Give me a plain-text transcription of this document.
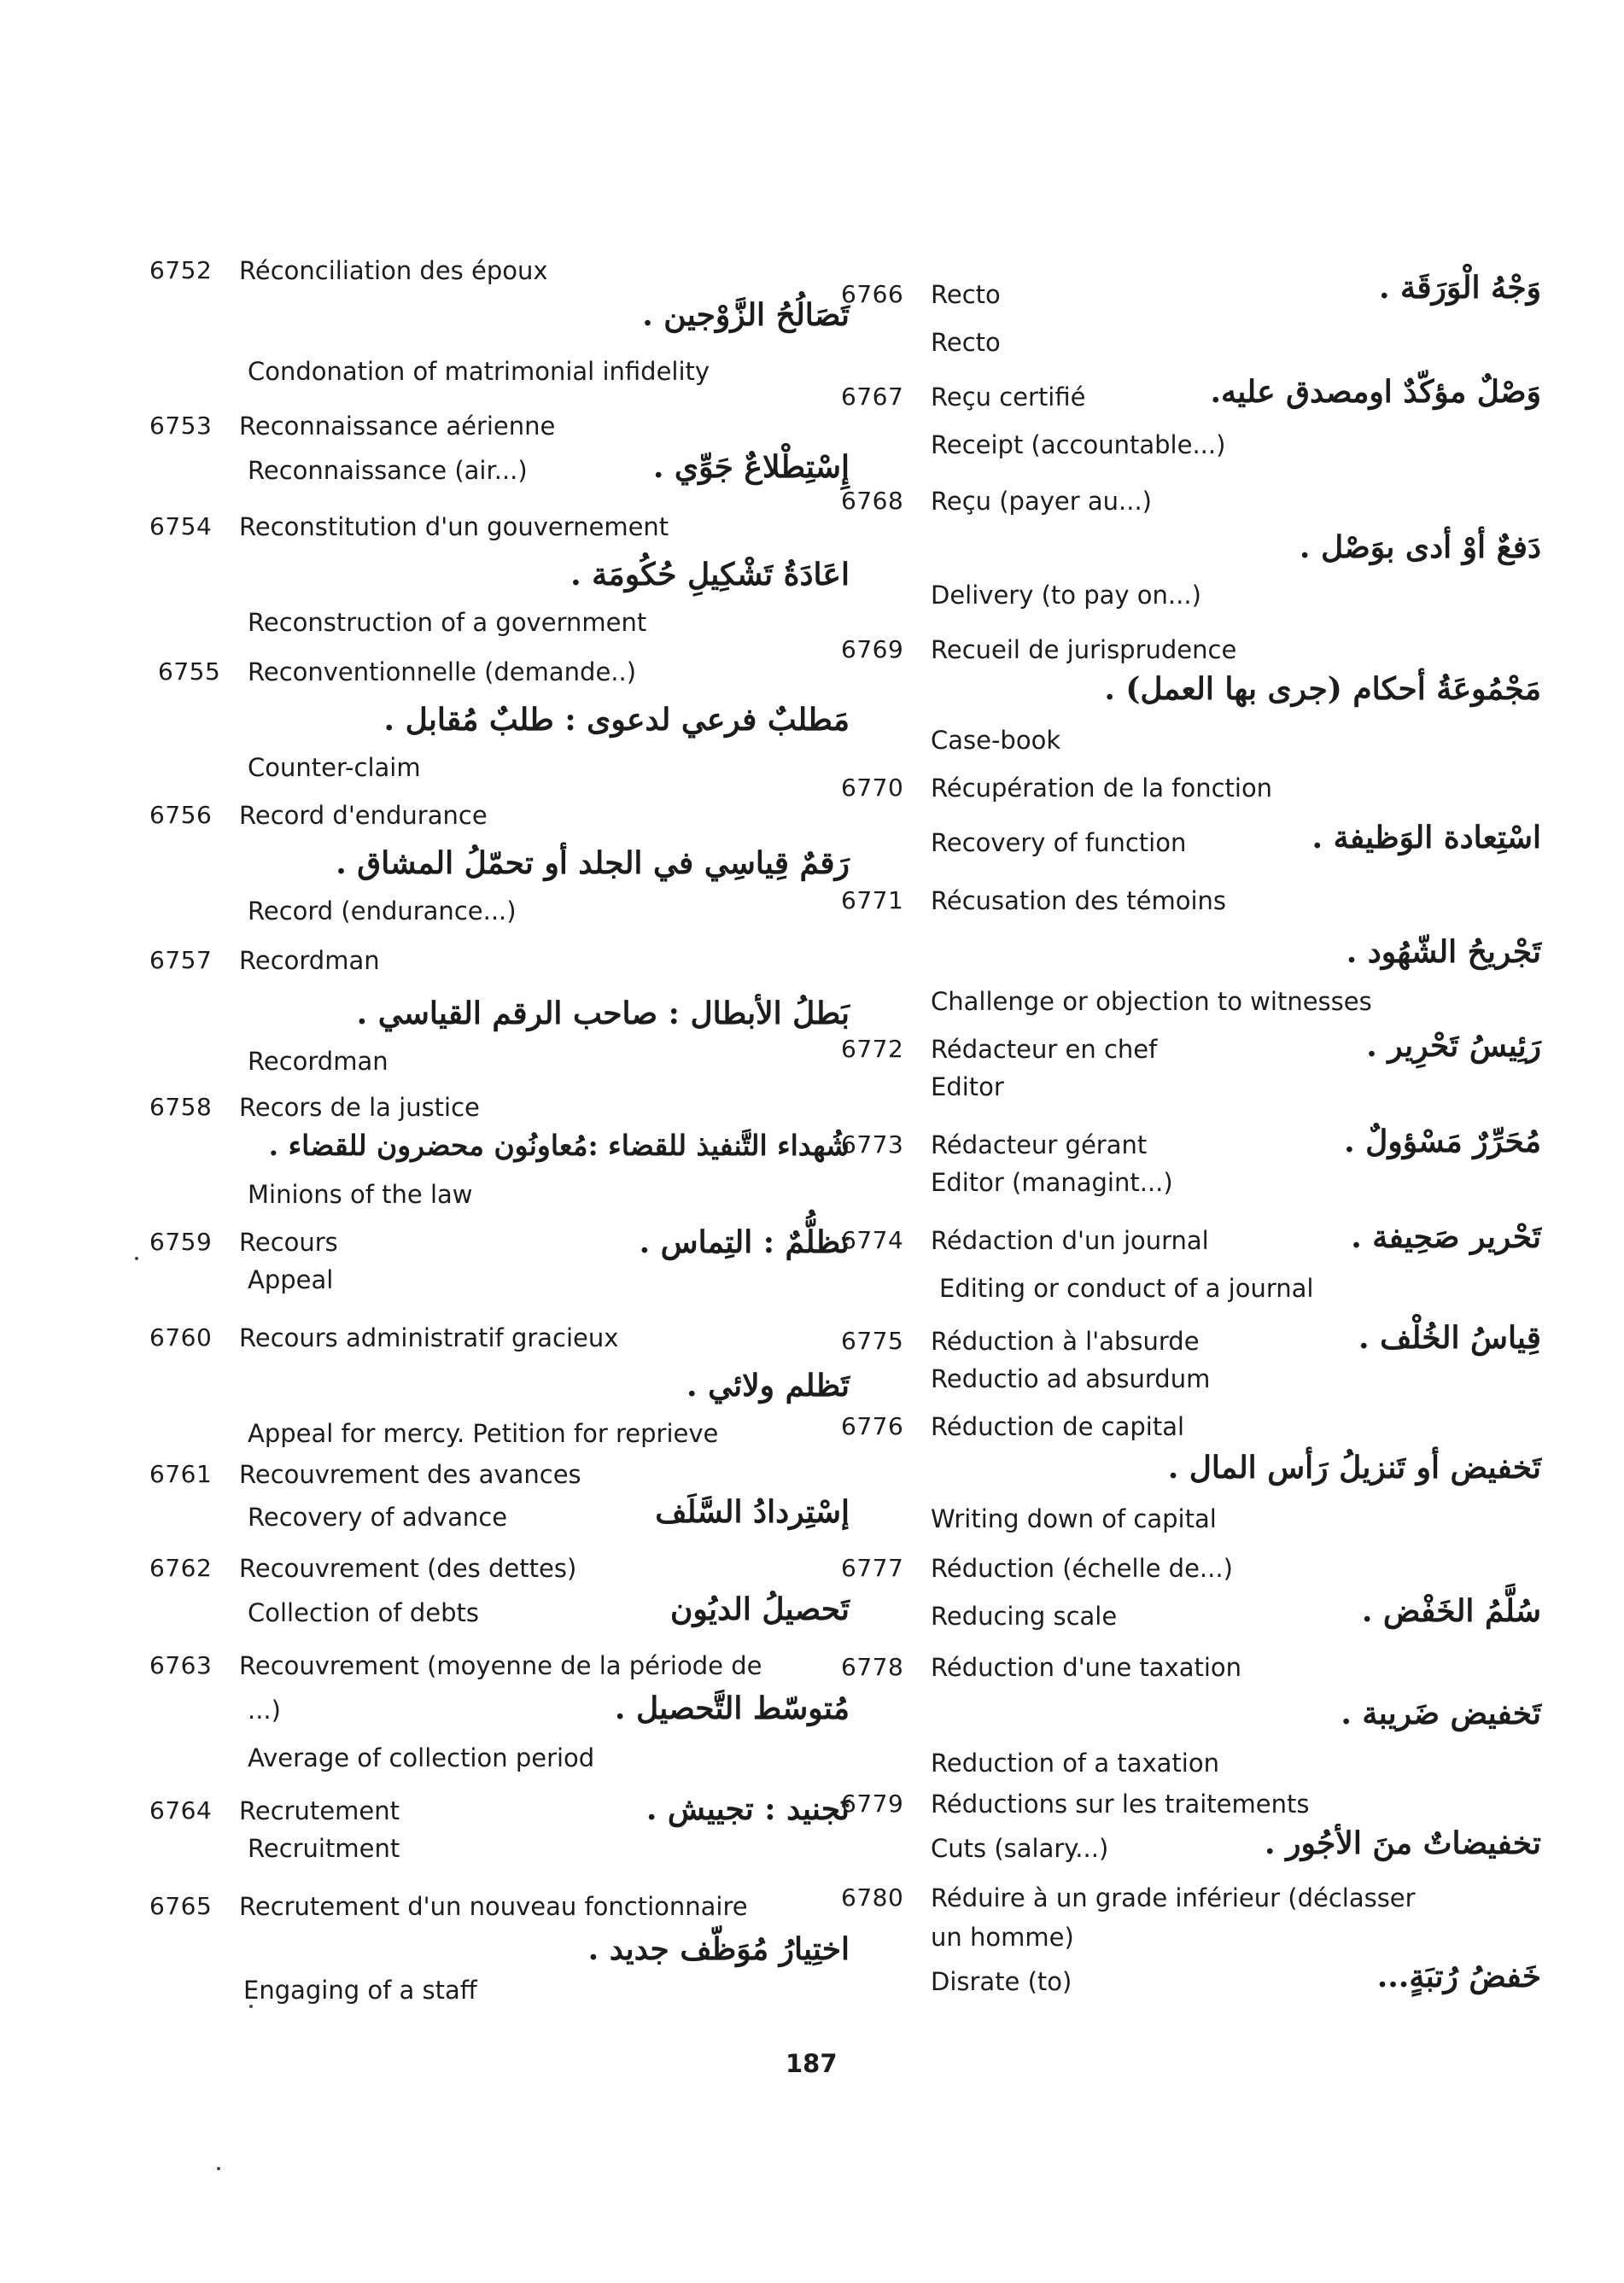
6752 Réconciliation des époux
تَصَالُحُ الزَّوْجين .
Condonation of matrimonial infidelity
6753 Reconnaissance aérienne
Reconnaissance (air...)	إِسْتِطْلاعٌ جَوِّي .
6754 Reconstitution d'un gouvernement
اعَادَةُ تَشْكِيلِ حُكُومَة .
Reconstruction of a government
6755 Reconventionnelle (demande..)
مَطلبٌ فرعي لدعوى : طلبٌ مُقابل .
Counter-claim
6756 Record d'endurance
رَقمٌ قِياسِي في الجلد أو تحمّلُ المشاق .
Record (endurance...)
6757 Recordman
بَطلُ الأبطال : صاحب الرقم القياسي .
Recordman
6758 Recors de la justice
شُهداء التَّنفيذ للقضاء :مُعاونُون محضرون للقضاء .
Minions of the law
6759 Recours	تظلُّمٌ : التِماس .
Appeal
6760 Recours administratif gracieux
تَظلم ولائي .
Appeal for mercy. Petition for reprieve
6761 Recouvrement des avances
Recovery of advance	إسْتِردادُ السَّلَف
6762 Recouvrement (des dettes)
Collection of debts	تَحصيلُ الديُون
6763 Recouvrement (moyenne de la période de
...)	مُتوسّط التَّحصيل .
Average of collection period
6764 Recrutement	تَجنيد : تجييش .
Recruitment
6765 Recrutement d'un nouveau fonctionnaire
اختِيارُ مُوَظّف جديد .
Engaging of a staff
6766 Recto	وَجْهُ الْوَرَقَة .
Recto
6767 Reçu certifié	وَصْلٌ مؤكّدٌ اومصدق عليه.
Receipt (accountable...)
6768 Reçu (payer au...)
دَفعٌ أوْ أدى بوَصْل .
Delivery (to pay on...)
6769 Recueil de jurisprudence
مَجْمُوعَةُ أحكام (جرى بها العمل) .
Case-book
6770 Récupération de la fonction
Recovery of function	اسْتِعادة الوَظيفة .
6771 Récusation des témoins
تَجْريحُ الشّهُود .
Challenge or objection to witnesses
6772 Rédacteur en chef	رَئِيسُ تَحْرِير .
Editor
6773 Rédacteur gérant	مُحَرِّرٌ مَسْؤولٌ .
Editor (managint...)
6774 Rédaction d'un journal	تَحْرير صَحِيفة .
Editing or conduct of a journal
6775 Réduction à l'absurde	قِياسُ الخُلْف .
Reductio ad absurdum
6776 Réduction de capital
تَخفيض أو تَنزيلُ رَأس المال .
Writing down of capital
6777 Réduction (échelle de...)
Reducing scale	سُلَّمُ الخَفْض .
6778 Réduction d'une taxation
تَخفيض ضَريبة .
Reduction of a taxation
6779 Réductions sur les traitements
Cuts (salary...)	تخفيضاتٌ منَ الأجُور .
6780 Réduire à un grade inférieur (déclasser
un homme)
Disrate (to)	خَفضُ رُتبَةٍ...
187
